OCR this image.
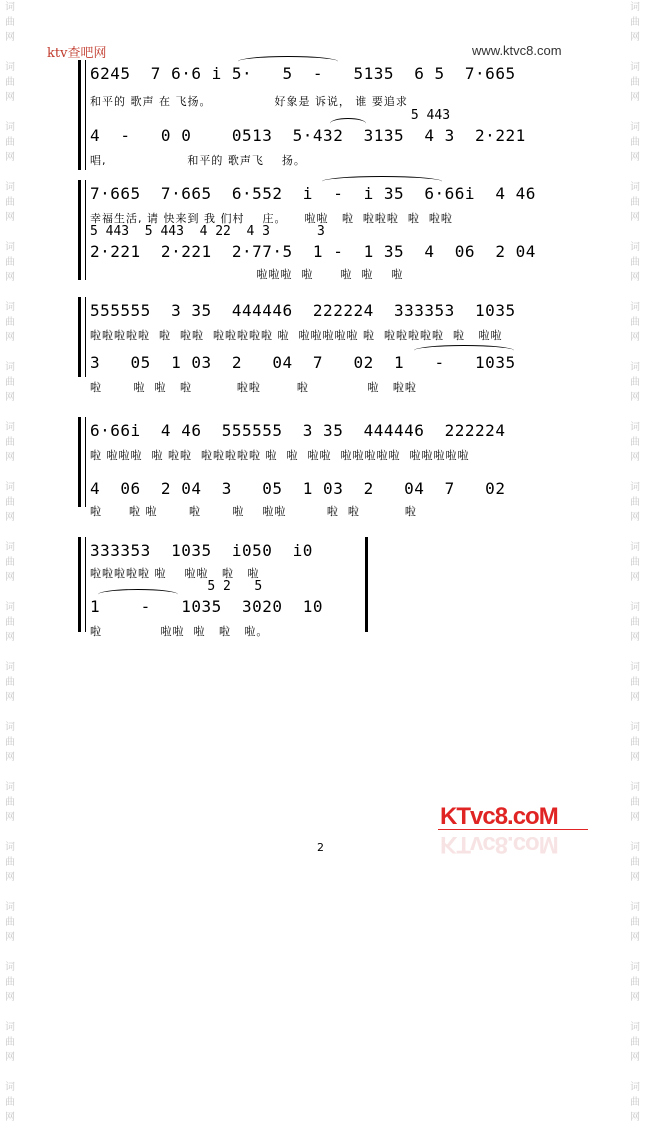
词
曲
网
词
曲
网
词
曲
网
词
曲
网
词
曲
网
词
曲
网
词
曲
网
词
曲
网
词
曲
网
词
曲
网
词
曲
网
词
曲
网
词
曲
网
词
曲
网
词
曲
网
词
曲
网
词
曲
网
词
曲
网
词
曲
网
词
曲
网
词
曲
网
词
曲
网
词
曲
网
词
曲
网
词
曲
网
词
曲
网
词
曲
网
词
曲
网
词
曲
网
词
曲
网
词
曲
网
词
曲
网
词
曲
网
词
曲
网
词
曲
网
词
曲
网
词
曲
网
词
曲
网
ktv查吧网	www.ktvc8.com
6245  7 6·6 i 5·   5  -   5135  6 5  7·665
和平的 歌声 在 飞扬。              好象是 诉说， 谁 要追求
5 443
4  -   0 0    0513  5·432  3135  4 3  2·221
唱,                  和平的 歌声飞    扬。
7·665  7·665  6·552  i  -  i 35  6·66i  4 46
幸福生活, 请 快来到 我 们村    庄。    啦啦   啦  啦啦啦  啦  啦啦
5 443  5 443  4 22  4 3      3
2·221  2·221  2·77·5  1 -  1 35  4  06  2 04
啦啦啦  啦      啦  啦    啦
555555  3 35  444446  222224  333353  1035
啦啦啦啦啦  啦  啦啦  啦啦啦啦啦 啦  啦啦啦啦啦 啦  啦啦啦啦啦  啦   啦啦
3   05  1 03  2   04  7   02  1   -   1035
啦       啦  啦   啦          啦啦        啦             啦   啦啦
6·66i  4 46  555555  3 35  444446  222224
啦 啦啦啦  啦 啦啦  啦啦啦啦啦 啦  啦  啦啦  啦啦啦啦啦  啦啦啦啦啦
4  06  2 04  3   05  1 03  2   04  7   02
啦      啦 啦       啦       啦    啦啦         啦  啦          啦
333353  1035  i050  i0
啦啦啦啦啦 啦    啦啦   啦   啦
5 2   5
1    -   1035  3020  10
啦             啦啦  啦   啦   啦。
KTvc8.coM
KTvc8.coM
2
